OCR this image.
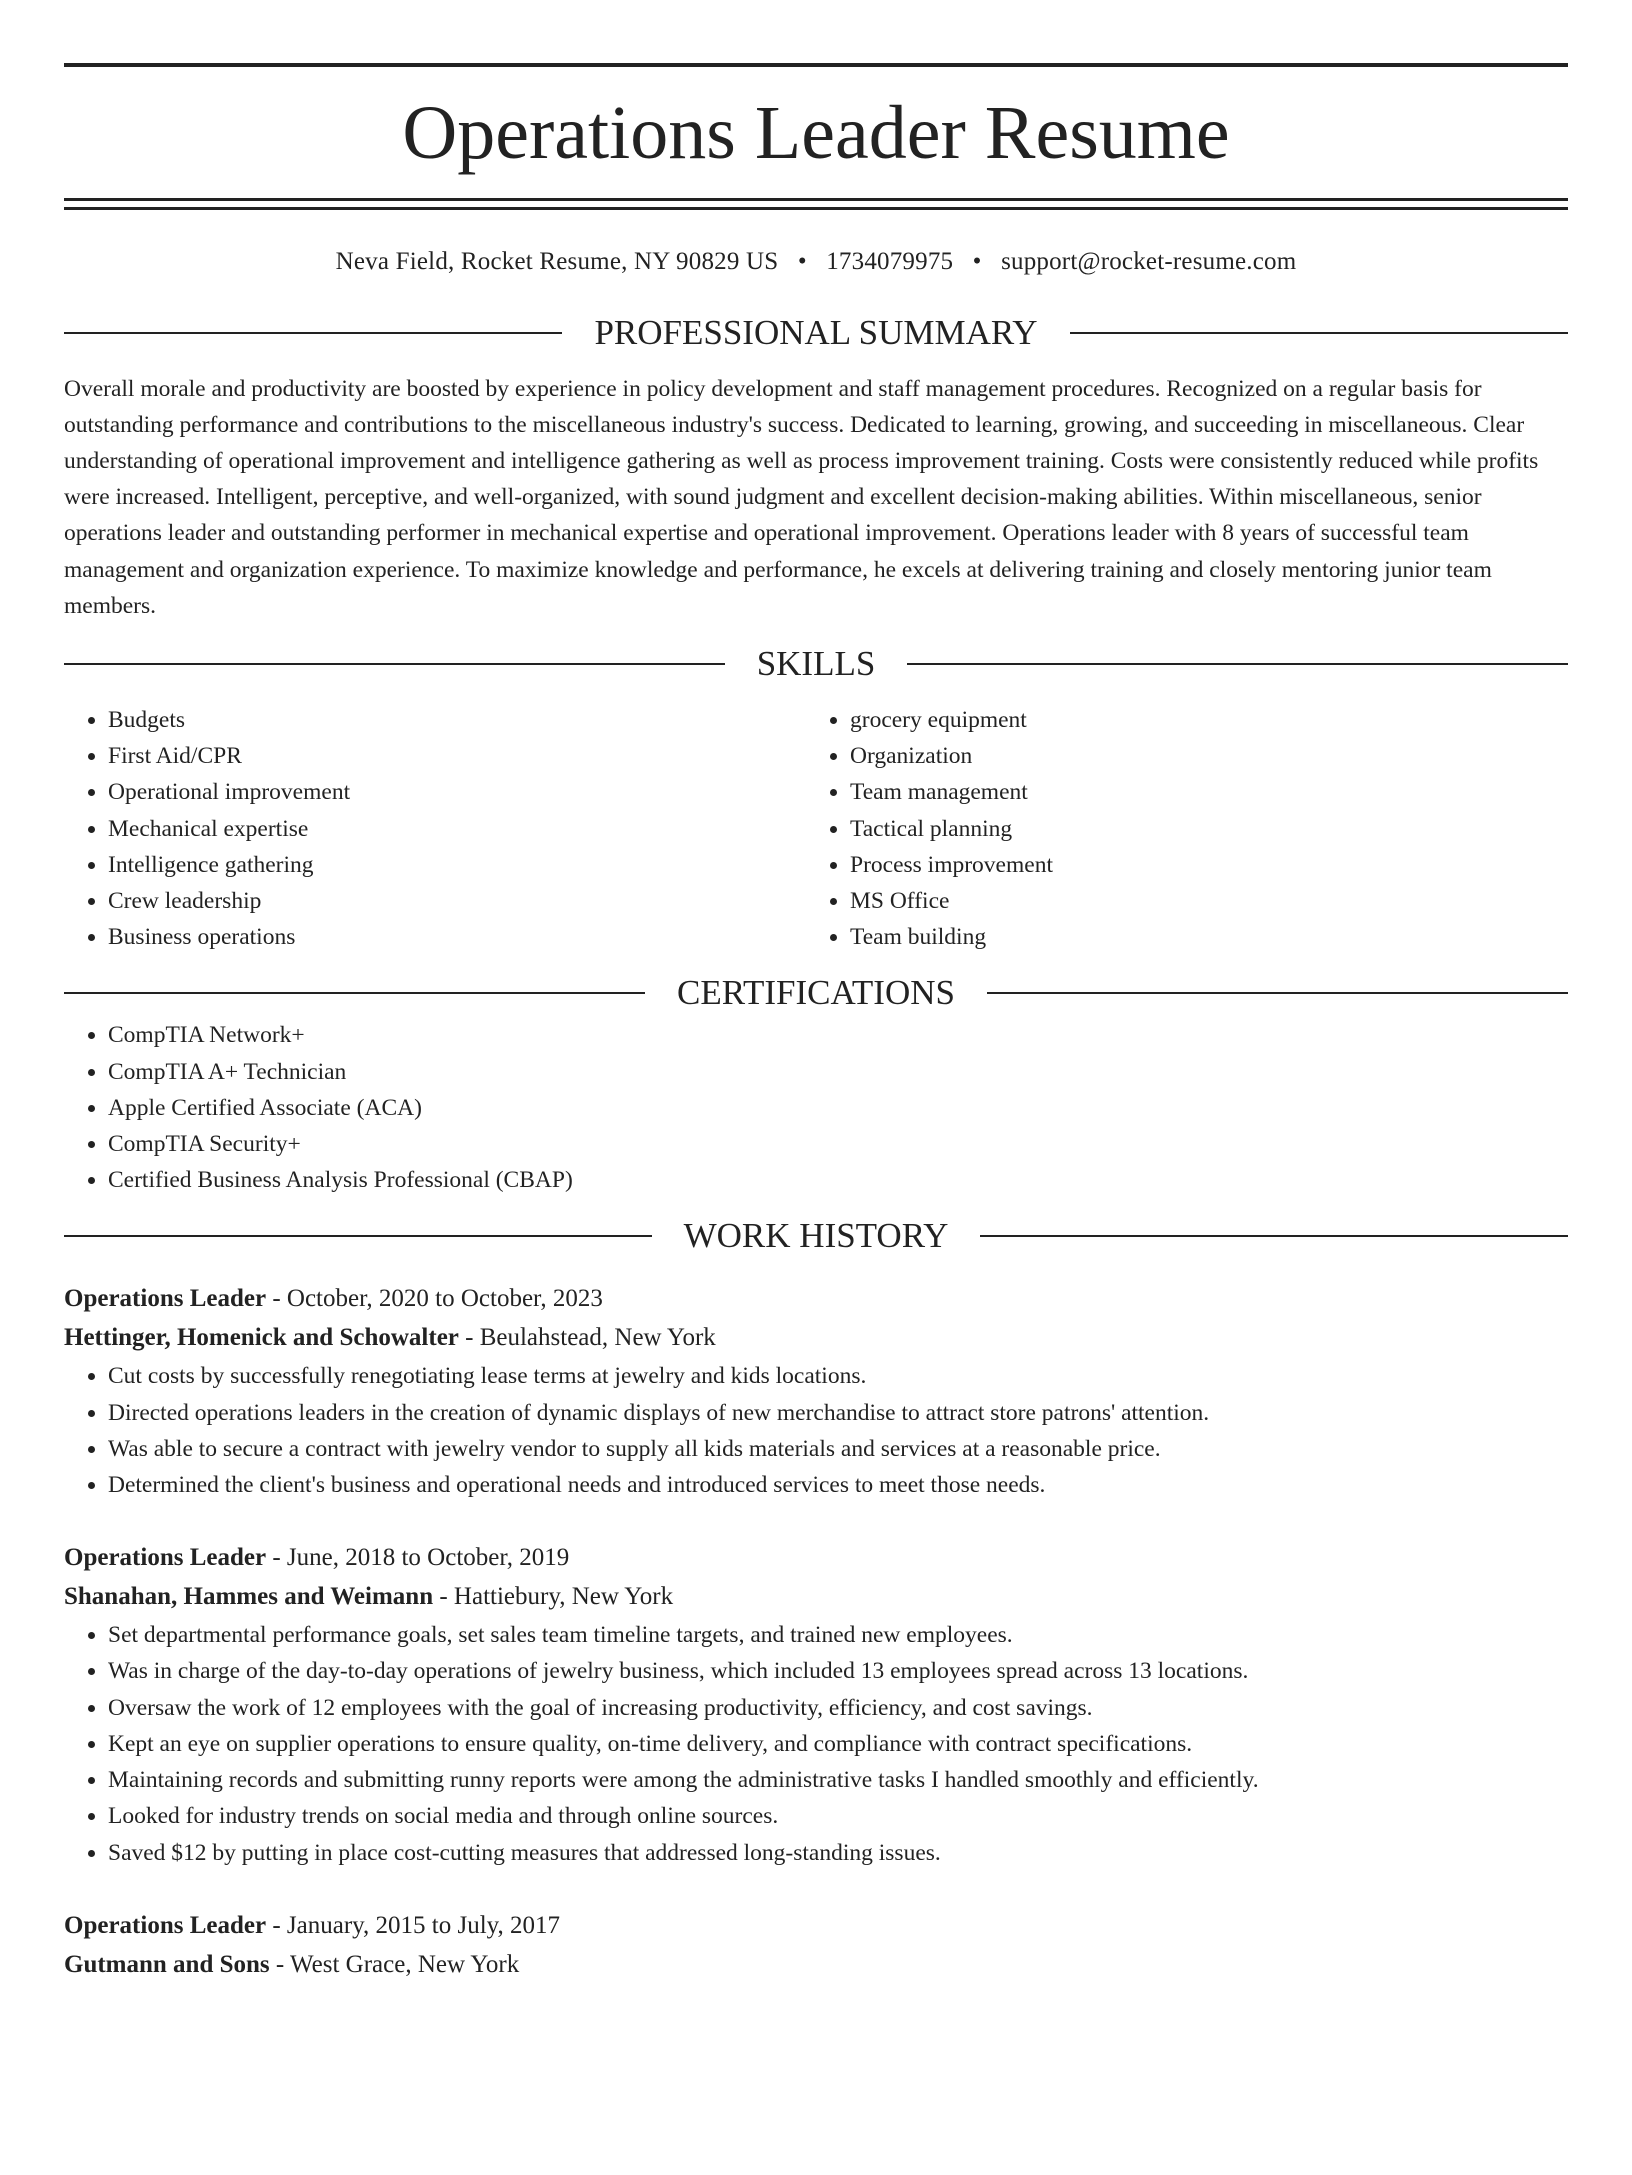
Operations Leader Resume
Neva Field, Rocket Resume, NY 90829 US • 1734079975 • support@rocket-resume.com
PROFESSIONAL SUMMARY

Overall morale and productivity are boosted by experience in policy development and staff management procedures. Recognized on a regular basis for outstanding performance and contributions to the miscellaneous industry's success. Dedicated to learning, growing, and succeeding in miscellaneous. Clear understanding of operational improvement and intelligence gathering as well as process improvement training. Costs were consistently reduced while profits were increased. Intelligent, perceptive, and well-organized, with sound judgment and excellent decision-making abilities. Within miscellaneous, senior operations leader and outstanding performer in mechanical expertise and operational improvement. Operations leader with 8 years of successful team management and organization experience. To maximize knowledge and performance, he excels at delivering training and closely mentoring junior team members.

SKILLS
• Budgets
• First Aid/CPR
• Operational improvement
• Mechanical expertise
• Intelligence gathering
• Crew leadership
• Business operations
• grocery equipment
• Organization
• Team management
• Tactical planning
• Process improvement
• MS Office
• Team building
CERTIFICATIONS
• CompTIA Network+
• CompTIA A+ Technician
• Apple Certified Associate (ACA)
• CompTIA Security+
• Certified Business Analysis Professional (CBAP)
WORK HISTORY
Operations Leader - October, 2020 to October, 2023
Hettinger, Homenick and Schowalter - Beulahstead, New York
• Cut costs by successfully renegotiating lease terms at jewelry and kids locations.
• Directed operations leaders in the creation of dynamic displays of new merchandise to attract store patrons' attention.
• Was able to secure a contract with jewelry vendor to supply all kids materials and services at a reasonable price.
• Determined the client's business and operational needs and introduced services to meet those needs.
Operations Leader - June, 2018 to October, 2019
Shanahan, Hammes and Weimann - Hattiebury, New York
• Set departmental performance goals, set sales team timeline targets, and trained new employees.
• Was in charge of the day-to-day operations of jewelry business, which included 13 employees spread across 13 locations.
• Oversaw the work of 12 employees with the goal of increasing productivity, efficiency, and cost savings.
• Kept an eye on supplier operations to ensure quality, on-time delivery, and compliance with contract specifications.
• Maintaining records and submitting runny reports were among the administrative tasks I handled smoothly and efficiently.
• Looked for industry trends on social media and through online sources.
• Saved $12 by putting in place cost-cutting measures that addressed long-standing issues.
Operations Leader - January, 2015 to July, 2017
Gutmann and Sons - West Grace, New York
